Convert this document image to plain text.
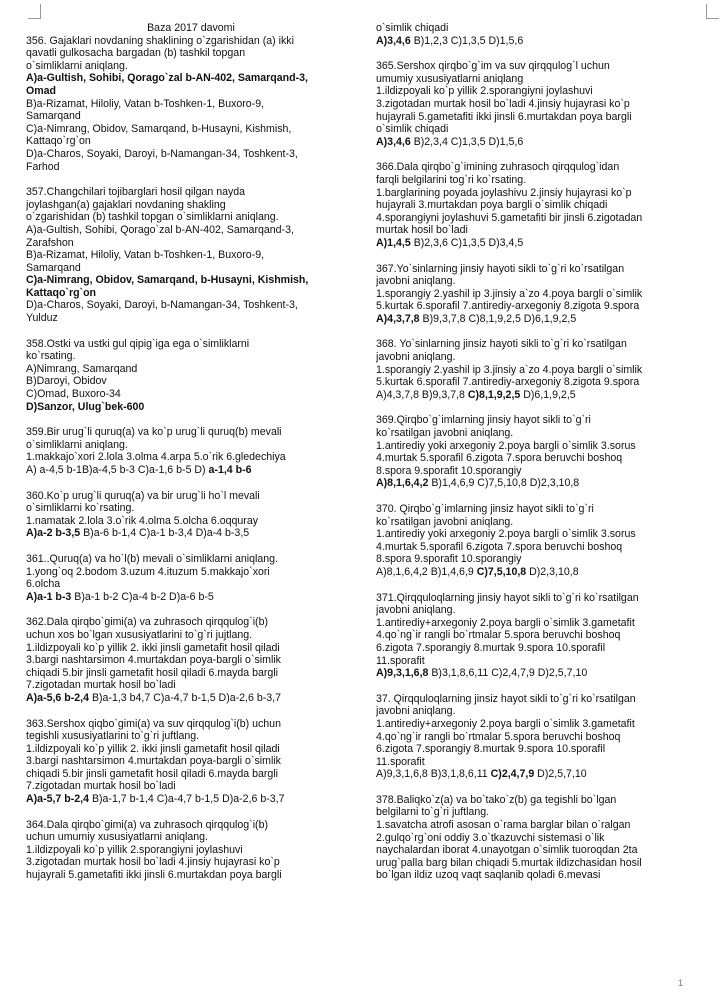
Baza 2017 davomi
356. Gajaklari novdaning shaklining o`zgarishidan (a) ikki
qavatli gulkosacha bargadan (b) tashkil topgan
o`simliklarni aniqlang.
A)a-Gultish, Sohibi, Qorago`zal b-AN-402, Samarqand-3,
Omad
B)a-Rizamat, Hiloliy, Vatan b-Toshken-1, Buxoro-9,
Samarqand
C)a-Nimrang, Obidov, Samarqand, b-Husayni, Kishmish,
Kattaqo`rg`on
D)a-Charos, Soyaki, Daroyi, b-Namangan-34, Toshkent-3,
Farhod
357.Changchilari tojibarglari hosil qilgan nayda
joylashgan(a) gajaklari novdaning shakling
o`zgarishidan (b) tashkil topgan o`simliklarni aniqlang.
A)a-Gultish, Sohibi, Qorago`zal b-AN-402, Samarqand-3,
Zarafshon
B)a-Rizamat, Hiloliy, Vatan b-Toshken-1, Buxoro-9,
Samarqand
C)a-Nimrang, Obidov, Samarqand, b-Husayni, Kishmish,
Kattaqo`rg`on
D)a-Charos, Soyaki, Daroyi, b-Namangan-34, Toshkent-3,
Yulduz
358.Ostki va ustki gul qipig`iga ega o`simliklarni
ko`rsating.
A)Nimrang, Samarqand
B)Daroyi, Obidov
C)Omad, Buxoro-34
D)Sanzor, Ulug`bek-600
359.Bir urug`li quruq(a) va ko`p urug`li quruq(b) mevali
o`simliklarni aniqlang.
1.makkajo`xori 2.lola 3.olma 4.arpa 5.o`rik 6.gledechiya
A) a-4,5 b-1B)a-4,5 b-3 C)a-1,6 b-5 D) a-1,4 b-6
360.Ko`p urug`li quruq(a) va bir urug`li ho`l mevali
o`simliklarni ko`rsating.
1.namatak 2.lola 3.o`rik 4.olma 5.olcha 6.oqquray
A)a-2 b-3,5 B)a-6 b-1,4 C)a-1 b-3,4 D)a-4 b-3,5
361..Quruq(a) va ho`l(b) mevali o`simliklarni aniqlang.
1.yong`oq 2.bodom 3.uzum 4.ituzum 5.makkajo`xori
6.olcha
A)a-1 b-3 B)a-1 b-2 C)a-4 b-2 D)a-6 b-5
362.Dala qirqbo`gimi(a) va zuhrasoch qirqqulog`i(b)
uchun xos bo`lgan xususiyatlarini to`g`ri jujtlang.
1.ildizpoyali ko`p yillik 2. ikki jinsli gametafit hosil qiladi
3.bargi nashtarsimon 4.murtakdan poya-bargli o`simlik
chiqadi 5.bir jinsli gametafit hosil qiladi 6.mayda bargli
7.zigotadan murtak hosil bo`ladi
A)a-5,6 b-2,4 B)a-1,3 b4,7 C)a-4,7 b-1,5 D)a-2,6 b-3,7
363.Sershox qiqbo`gimi(a) va suv qirqqulog`i(b) uchun
tegishli xususiyatlarini to`g`ri juftlang.
1.ildizpoyali ko`p yillik 2. ikki jinsli gametafit hosil qiladi
3.bargi nashtarsimon 4.murtakdan poya-bargli o`simlik
chiqadi 5.bir jinsli gametafit hosil qiladi 6.mayda bargli
7.zigotadan murtak hosil bo`ladi
A)a-5,7 b-2,4 B)a-1,7 b-1,4 C)a-4,7 b-1,5 D)a-2,6 b-3,7
364.Dala qirqbo`gimi(a) va zuhrasoch qirqqulog`i(b)
uchun umumiy xususiyatlarni aniqlang.
1.ildizpoyali ko`p yillik 2.sporangiyni joylashuvi
3.zigotadan murtak hosil bo`ladi 4.jinsiy hujayrasi ko`p
hujayrali 5.gametafiti ikki jinsli 6.murtakdan poya bargli
o`simlik chiqadi
A)3,4,6 B)1,2,3 C)1,3,5 D)1,5,6
365.Sershox qirqbo`g`im va suv qirqqulog`l uchun
umumiy xususiyatlarni aniqlang
1.ildizpoyali ko`p yillik 2.sporangiyni joylashuvi
3.zigotadan murtak hosil bo`ladi 4.jinsiy hujayrasi ko`p
hujayrali 5.gametafiti ikki jinsli 6.murtakdan poya bargli
o`simlik chiqadi
A)3,4,6 B)2,3,4 C)1,3,5 D)1,5,6
366.Dala qirqbo`g`imining zuhrasoch qirqqulog`idan
farqli belgilarini tog`ri ko`rsating.
1.barglarining poyada joylashivu 2.jinsiy hujayrasi ko`p
hujayrali 3.murtakdan poya bargli o`simlik chiqadi
4.sporangiyni joylashuvi 5.gametafiti bir jinsli 6.zigotadan
murtak hosil bo`ladi
A)1,4,5 B)2,3,6 C)1,3,5 D)3,4,5
367.Yo`sinlarning jinsiy hayoti sikli to`g`ri ko`rsatilgan
javobni aniqlang.
1.sporangiy 2.yashil ip 3.jinsiy a`zo 4.poya bargli o`simlik
5.kurtak 6.sporafil 7.antirediy-arxegoniy 8.zigota 9.spora
A)4,3,7,8 B)9,3,7,8 C)8,1,9,2,5 D)6,1,9,2,5
368. Yo`sinlarning jinsiz hayoti sikli to`g`ri ko`rsatilgan
javobni aniqlang.
1.sporangiy 2.yashil ip 3.jinsiy a`zo 4.poya bargli o`simlik
5.kurtak 6.sporafil 7.antirediy-arxegoniy 8.zigota 9.spora
A)4,3,7,8 B)9,3,7,8 C)8,1,9,2,5 D)6,1,9,2,5
369.Qirqbo`g`imlarning jinsiy hayot sikli to`g`ri
ko`rsatilgan javobni aniqlang.
1.antirediy yoki arxegoniy 2.poya bargli o`simlik 3.sorus
4.murtak 5.sporafil 6.zigota 7.spora beruvchi boshoq
8.spora 9.sporafit 10.sporangiy
A)8,1,6,4,2 B)1,4,6,9 C)7,5,10,8 D)2,3,10,8
370. Qirqbo`g`imlarning jinsiz hayot sikli to`g`ri
ko`rsatilgan javobni aniqlang.
1.antirediy yoki arxegoniy 2.poya bargli o`simlik 3.sorus
4.murtak 5.sporafil 6.zigota 7.spora beruvchi boshoq
8.spora 9.sporafit 10.sporangiy
A)8,1,6,4,2 B)1,4,6,9 C)7,5,10,8 D)2,3,10,8
371.Qirqquloqlarning jinsiy hayot sikli to`g`ri ko`rsatilgan
javobni aniqlang.
1.antirediy+arxegoniy 2.poya bargli o`simlik 3.gametafit
4.qo`ng`ir rangli bo`rtmalar 5.spora beruvchi boshoq
6.zigota 7.sporangiy 8.murtak 9.spora 10.sporafil
11.sporafit
A)9,3,1,6,8 B)3,1,8,6,11 C)2,4,7,9 D)2,5,7,10
37. Qirqquloqlarning jinsiz hayot sikli to`g`ri ko`rsatilgan
javobni aniqlang.
1.antirediy+arxegoniy 2.poya bargli o`simlik 3.gametafit
4.qo`ng`ir rangli bo`rtmalar 5.spora beruvchi boshoq
6.zigota 7.sporangiy 8.murtak 9.spora 10.sporafil
11.sporafit
A)9,3,1,6,8 B)3,1,8,6,11 C)2,4,7,9 D)2,5,7,10
378.Baliqko`z(a) va bo`tako`z(b) ga tegishli bo`lgan
belgilarni to`g`ri juftlang.
1.savatcha atrofi asosan o`rama barglar bilan o`ralgan
2.gulqo`rg`oni oddiy 3.o`tkazuvchi sistemasi o`lik
naychalardan iborat 4.unayotgan o`simlik tuoroqdan 2ta
urug`palla barg bilan chiqadi 5.murtak ildizchasidan hosil
bo`lgan ildiz uzoq vaqt saqlanib qoladi 6.mevasi
1
